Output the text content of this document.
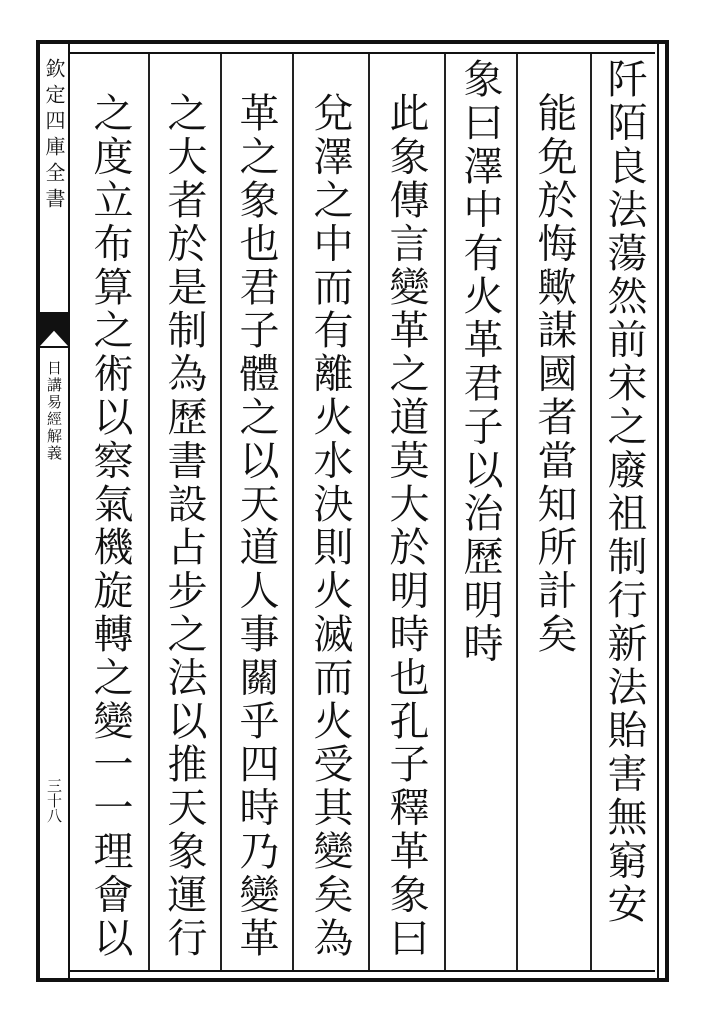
欽定四庫全書
日講易經解義
三十八	阡陌良法蕩然前宋之廢祖制行新法貽害無窮安
能免於悔歟謀國者當知所計矣
象曰澤中有火革君子以治歷明時
此象傳言變革之道莫大於明時也孔子釋革象曰
兌澤之中而有離火水決則火滅而火受其變矣為
革之象也君子體之以天道人事關乎四時乃變革
之大者於是制為歷書設占步之法以推天象運行
之度立布算之術以察氣機旋轉之變一一理會以
